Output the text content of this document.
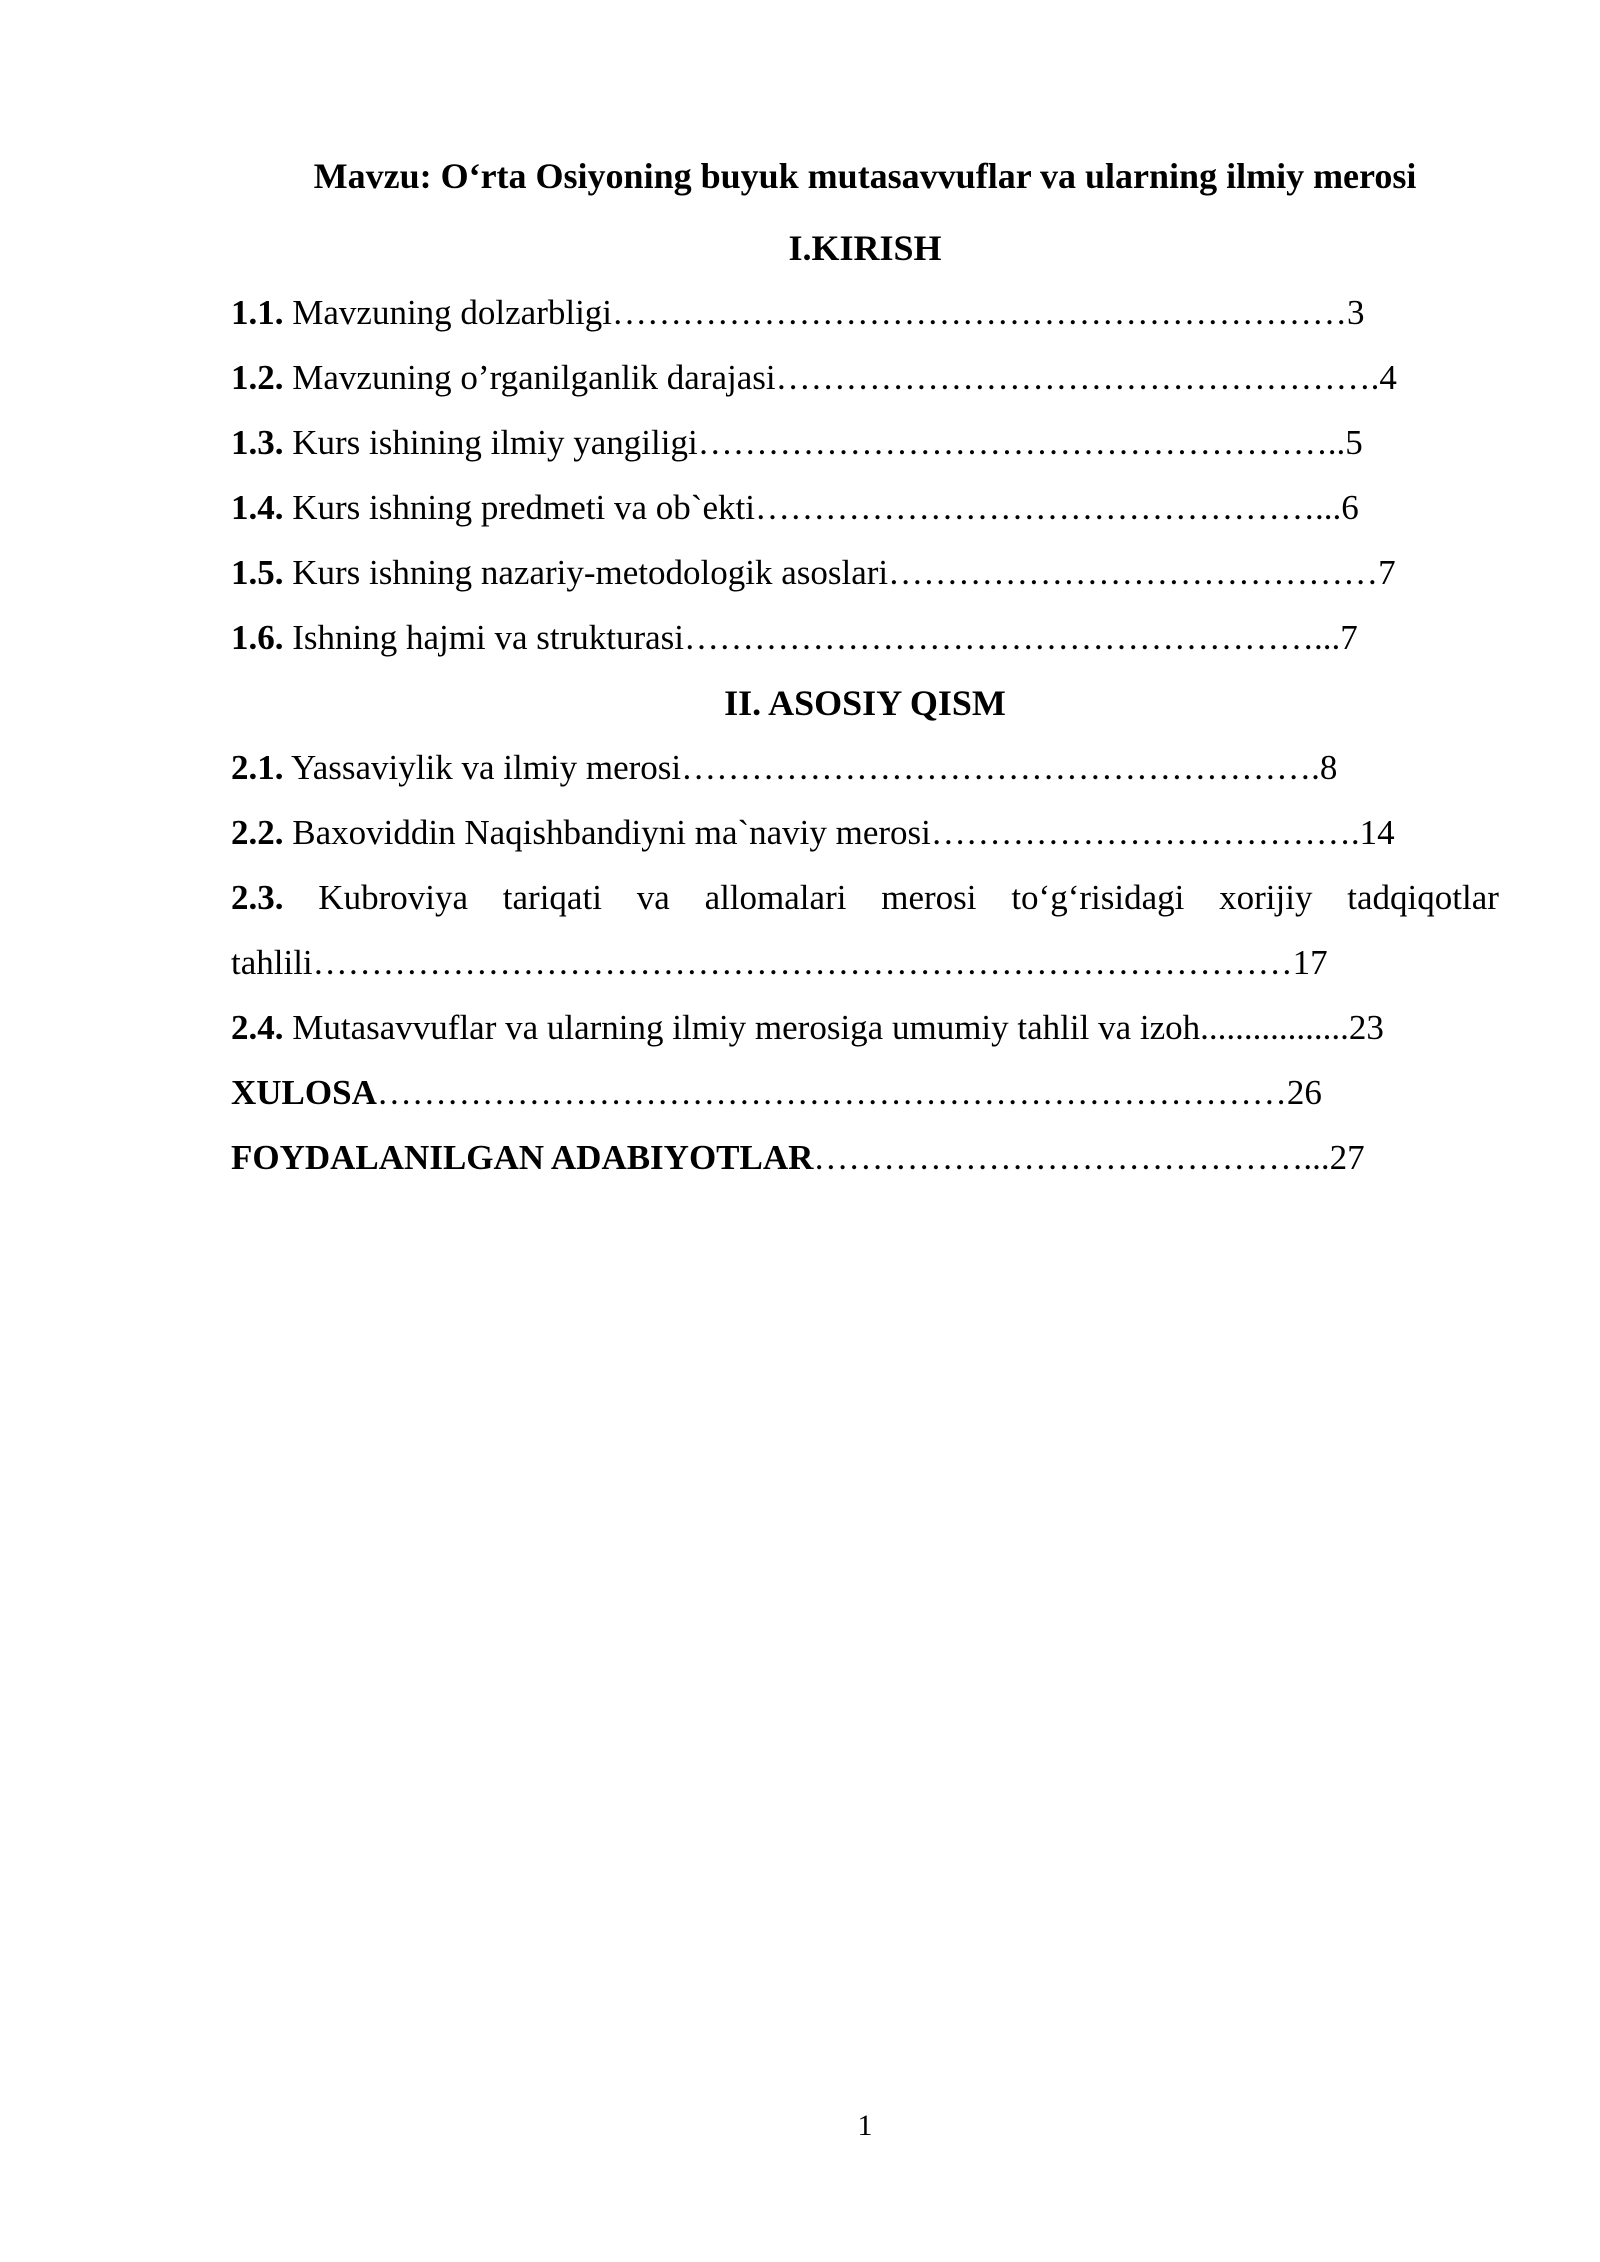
Mavzu: O‘rta Osiyoning buyuk mutasavvuflar va ularning ilmiy merosi
I.KIRISH
1.1. Mavzuning dolzarbligi………………………………………………………3
1.2. Mavzuning o’rganilganlik darajasi…………………………………………….4
1.3. Kurs ishining ilmiy yangiligi………………………………………………..5
1.4. Kurs ishning predmeti va ob`ekti…………………………………………...6
1.5. Kurs ishning nazariy-metodologik asoslari……………………………………7
1.6. Ishning hajmi va strukturasi………………………………………………...7
II. ASOSIY QISM
2.1. Yassaviylik va ilmiy merosi……………………………………………….8
2.2. Baxoviddin Naqishbandiyni ma`naviy merosi……………………………….14
2.3. Kubroviya tariqati va allomalari merosi to‘g‘risidagi xorijiy tadqiqotlar
tahlili…………………………………………………………………………17
2.4. Mutasavvuflar va ularning ilmiy merosiga umumiy tahlil va izoh.................23
XULOSA……………………………………………………………………26
FOYDALANILGAN ADABIYOTLAR……………………………………...27
1
